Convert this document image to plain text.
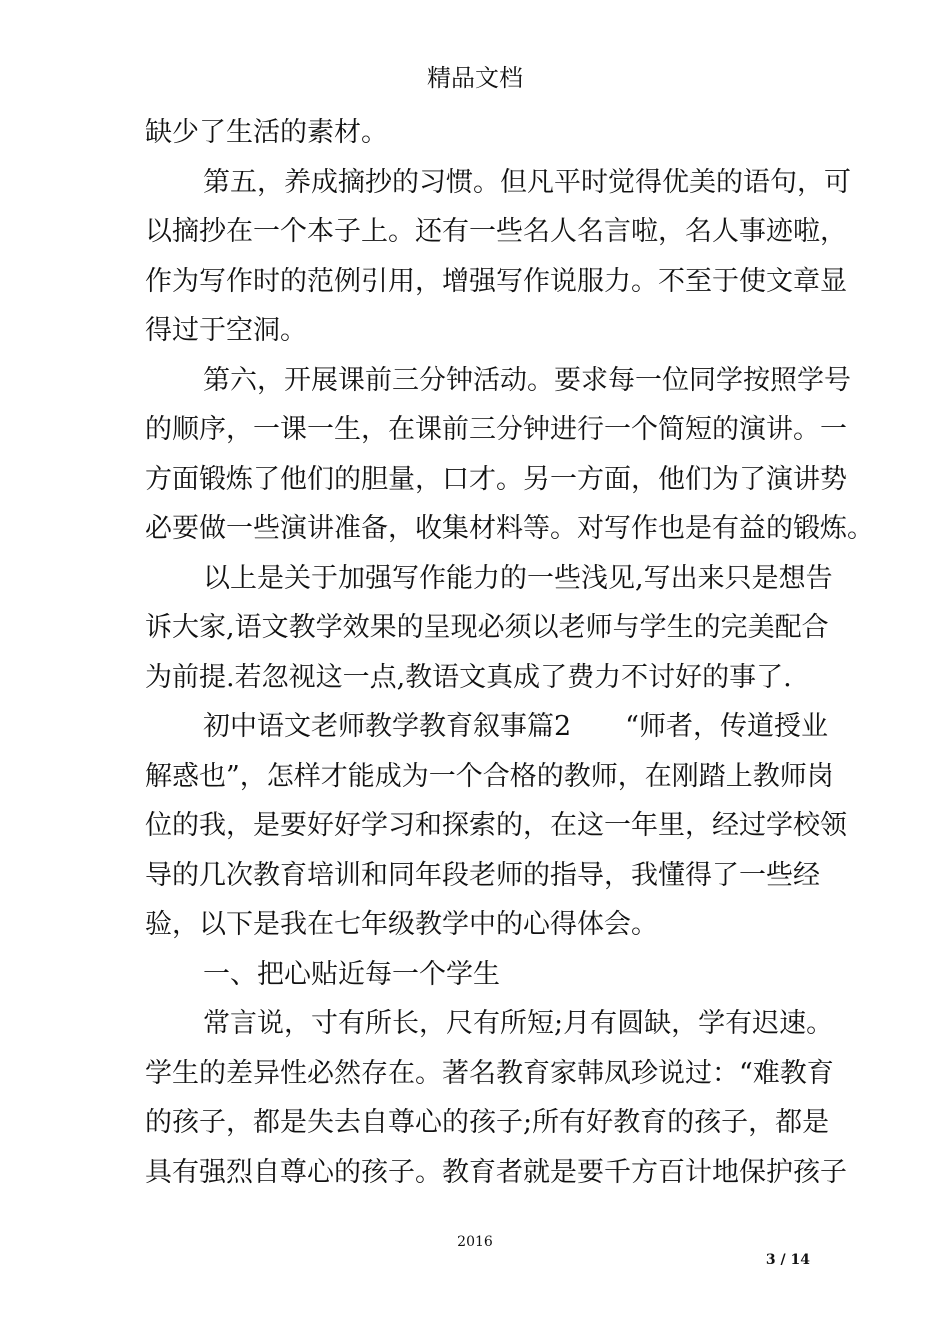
精品文档
缺少了生活的素材。
第五，养成摘抄的习惯。但凡平时觉得优美的语句，可
以摘抄在一个本子上。还有一些名人名言啦，名人事迹啦，
作为写作时的范例引用，增强写作说服力。不至于使文章显
得过于空洞。
第六，开展课前三分钟活动。要求每一位同学按照学号
的顺序，一课一生，在课前三分钟进行一个简短的演讲。一
方面锻炼了他们的胆量，口才。另一方面，他们为了演讲势
必要做一些演讲准备，收集材料等。对写作也是有益的锻炼。
以上是关于加强写作能力的一些浅见,写出来只是想告
诉大家,语文教学效果的呈现必须以老师与学生的完美配合
为前提.若忽视这一点,教语文真成了费力不讨好的事了.
初中语文老师教学教育叙事篇2　　“师者，传道授业
解惑也”，怎样才能成为一个合格的教师，在刚踏上教师岗
位的我，是要好好学习和探索的，在这一年里，经过学校领
导的几次教育培训和同年段老师的指导，我懂得了一些经
验，以下是我在七年级教学中的心得体会。
一、把心贴近每一个学生
常言说，寸有所长，尺有所短;月有圆缺，学有迟速。
学生的差异性必然存在。著名教育家韩凤珍说过：“难教育
的孩子，都是失去自尊心的孩子;所有好教育的孩子，都是
具有强烈自尊心的孩子。教育者就是要千方百计地保护孩子
2016
3 / 14
